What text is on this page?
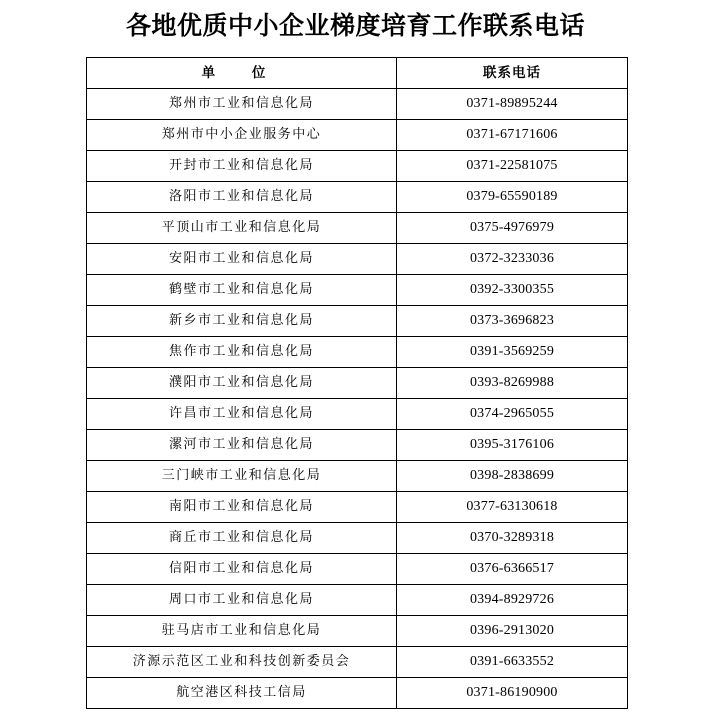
各地优质中小企业梯度培育工作联系电话
单 位	联系电话
郑州市工业和信息化局	0371-89895244
郑州市中小企业服务中心	0371-67171606
开封市工业和信息化局	0371-22581075
洛阳市工业和信息化局	0379-65590189
平顶山市工业和信息化局	0375-4976979
安阳市工业和信息化局	0372-3233036
鹤壁市工业和信息化局	0392-3300355
新乡市工业和信息化局	0373-3696823
焦作市工业和信息化局	0391-3569259
濮阳市工业和信息化局	0393-8269988
许昌市工业和信息化局	0374-2965055
漯河市工业和信息化局	0395-3176106
三门峡市工业和信息化局	0398-2838699
南阳市工业和信息化局	0377-63130618
商丘市工业和信息化局	0370-3289318
信阳市工业和信息化局	0376-6366517
周口市工业和信息化局	0394-8929726
驻马店市工业和信息化局	0396-2913020
济源示范区工业和科技创新委员会	0391-6633552
航空港区科技工信局	0371-86190900
